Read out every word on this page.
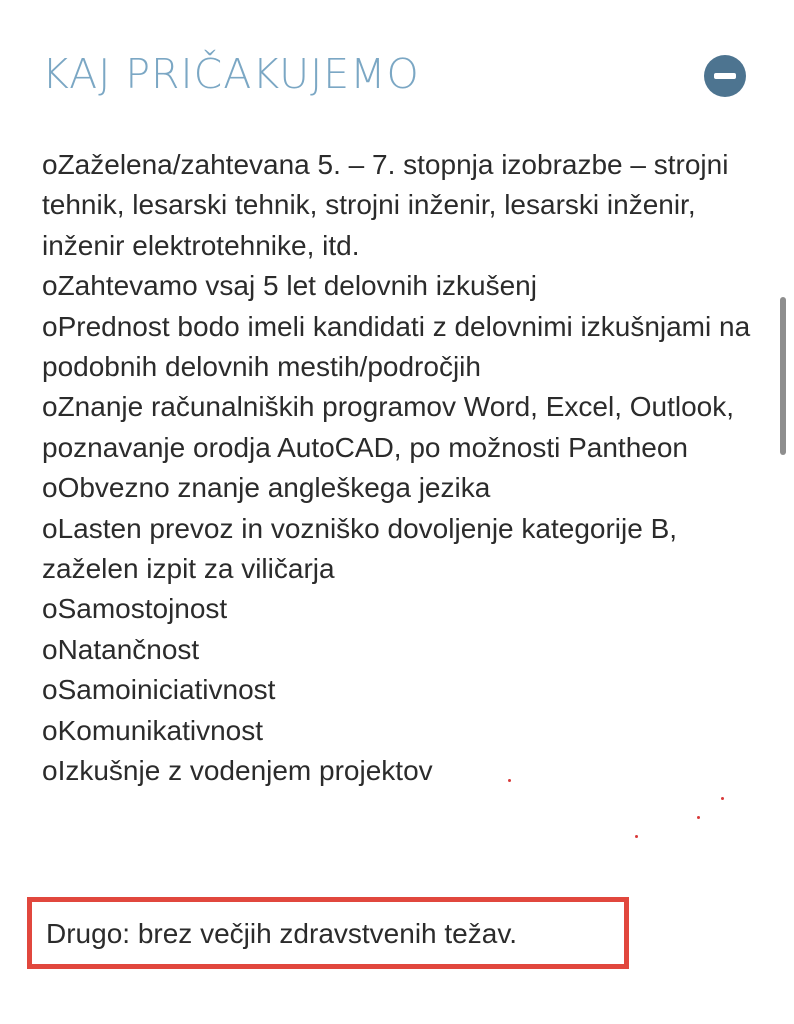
KAJ PRIČAKUJEMO
oZaželena/zahtevana 5. – 7. stopnja izobrazbe – strojni tehnik, lesarski tehnik, strojni inženir, lesarski inženir, inženir elektrotehnike, itd.
oZahtevamo vsaj 5 let delovnih izkušenj
oPrednost bodo imeli kandidati z delovnimi izkušnjami na podobnih delovnih mestih/področjih
oZnanje računalniških programov Word, Excel, Outlook, poznavanje orodja AutoCAD, po možnosti Pantheon
oObvezno znanje angleškega jezika
oLasten prevoz in vozniško dovoljenje kategorije B, zaželen izpit za viličarja
oSamostojnost
oNatančnost
oSamoiniciativnost
oKomunikativnost
oIzkušnje z vodenjem projektov
Drugo: brez večjih zdravstvenih težav.
